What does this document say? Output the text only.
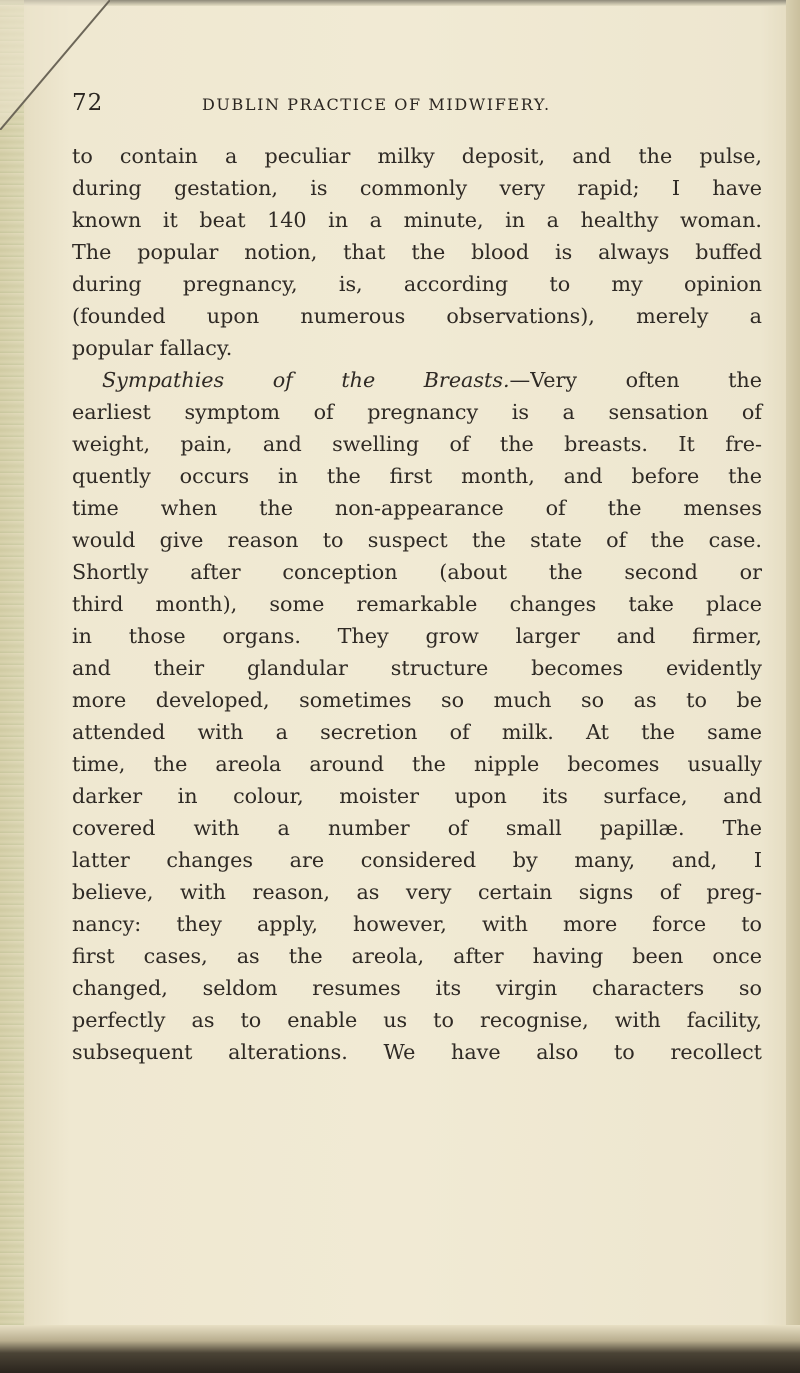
72	DUBLIN PRACTICE OF MIDWIFERY.
to contain a peculiar milky deposit, and the pulse,
during gestation, is commonly very rapid; I have
known it beat 140 in a minute, in a healthy woman.
The popular notion, that the blood is always buffed
during pregnancy, is, according to my opinion
(founded upon numerous observations), merely a
popular fallacy.
Sympathies of the Breasts.—Very often the
earliest symptom of pregnancy is a sensation of
weight, pain, and swelling of the breasts. It fre-
quently occurs in the first month, and before the
time when the non-appearance of the menses
would give reason to suspect the state of the case.
Shortly after conception (about the second or
third month), some remarkable changes take place
in those organs. They grow larger and firmer,
and their glandular structure becomes evidently
more developed, sometimes so much so as to be
attended with a secretion of milk. At the same
time, the areola around the nipple becomes usually
darker in colour, moister upon its surface, and
covered with a number of small papillæ. The
latter changes are considered by many, and, I
believe, with reason, as very certain signs of preg-
nancy: they apply, however, with more force to
first cases, as the areola, after having been once
changed, seldom resumes its virgin characters so
perfectly as to enable us to recognise, with facility,
subsequent alterations. We have also to recollect
